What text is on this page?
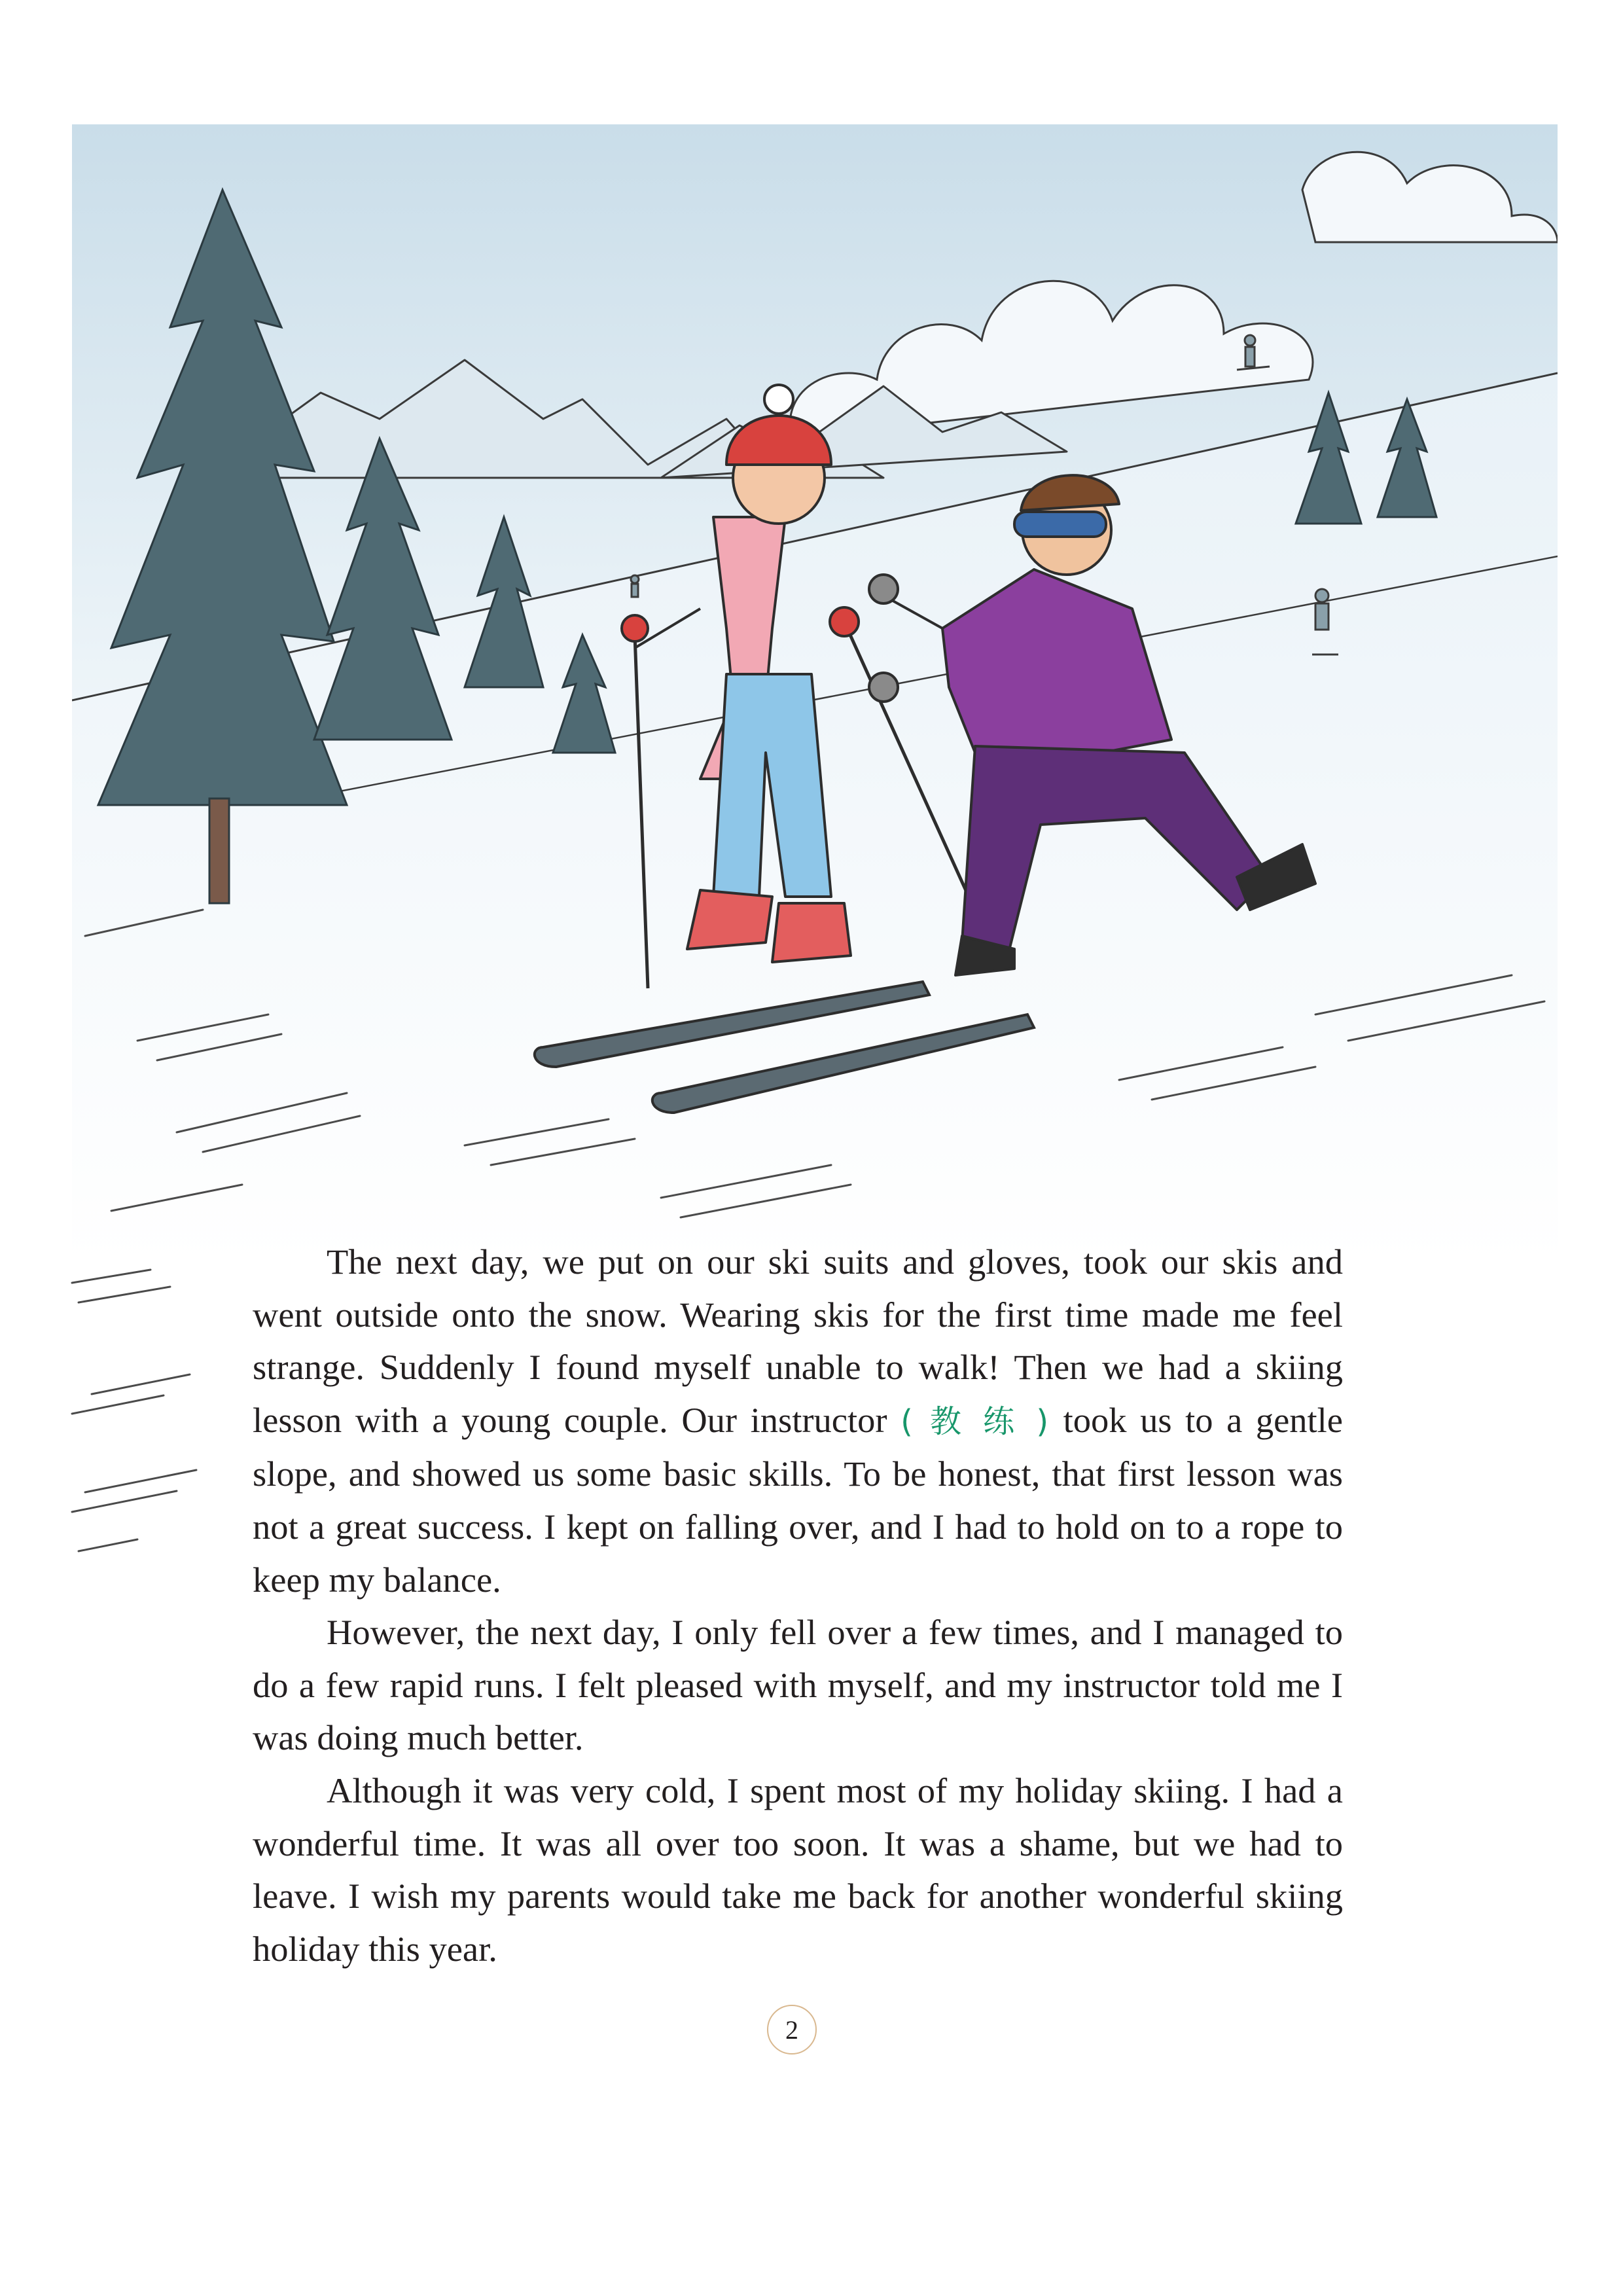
The next day, we put on our ski suits and gloves, took our skis and went outside onto the snow. Wearing skis for the first time made me feel strange. Suddenly I found myself unable to walk! Then we had a skiing lesson with a young couple. Our instructor ( 教 练 ) took us to a gentle slope, and showed us some basic skills. To be honest, that first lesson was not a great success. I kept on falling over, and I had to hold on to a rope to keep my balance.

However, the next day, I only fell over a few times, and I managed to do a few rapid runs. I felt pleased with myself, and my instructor told me I was doing much better.

Although it was very cold, I spent most of my holiday skiing. I had a wonderful time. It was all over too soon. It was a shame, but we had to leave. I wish my parents would take me back for another wonderful skiing holiday this year.

2
